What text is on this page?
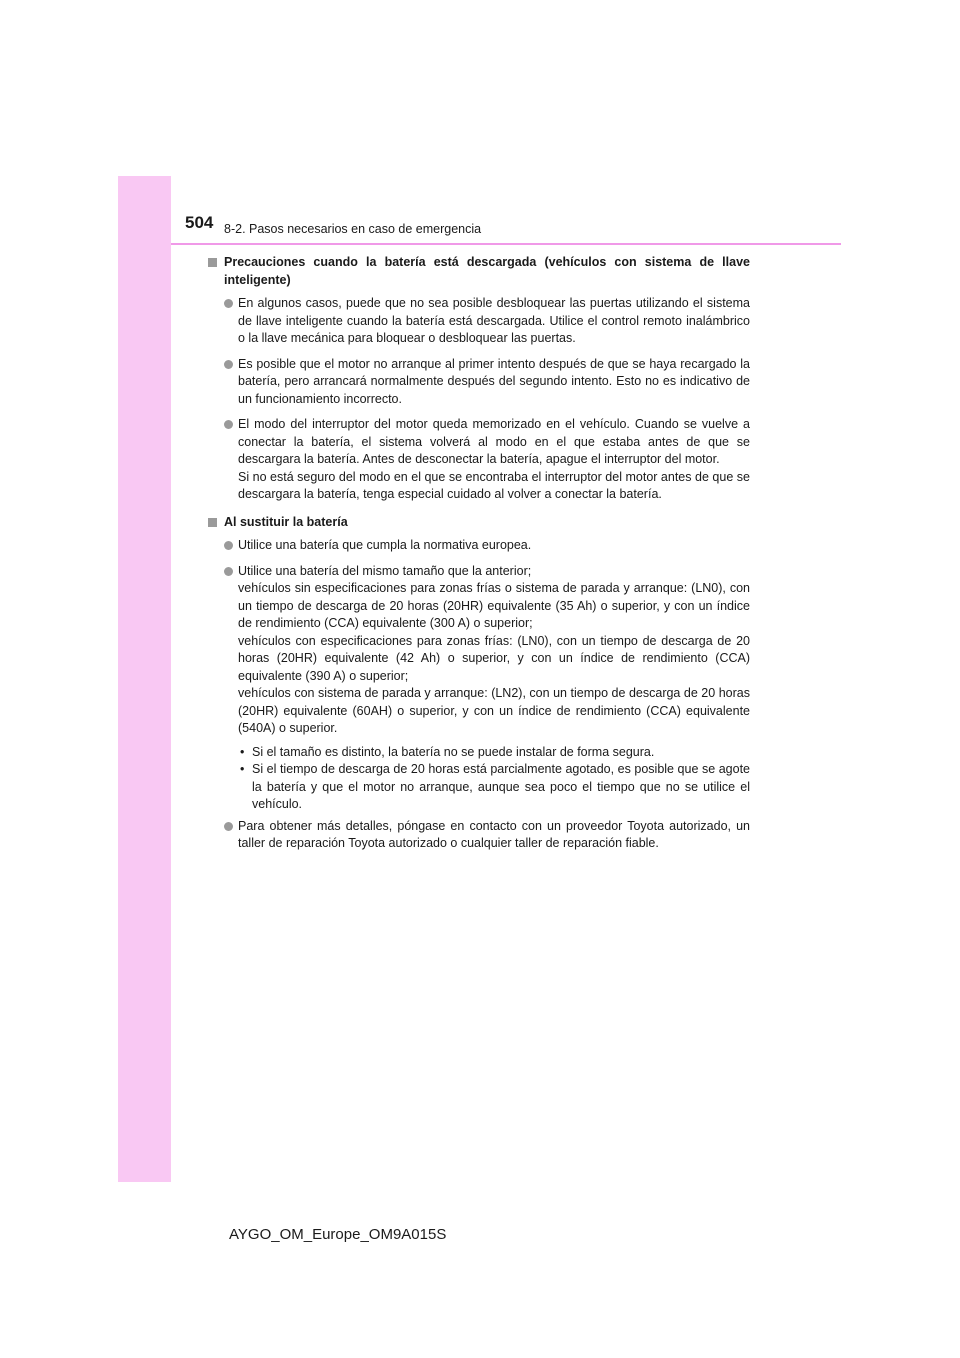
504 8-2. Pasos necesarios en caso de emergencia
Precauciones cuando la batería está descargada (vehículos con sistema de llave inteligente)
En algunos casos, puede que no sea posible desbloquear las puertas utilizando el sistema de llave inteligente cuando la batería está descargada. Utilice el control remoto inalámbrico o la llave mecánica para bloquear o desbloquear las puertas.
Es posible que el motor no arranque al primer intento después de que se haya recargado la batería, pero arrancará normalmente después del segundo intento. Esto no es indicativo de un funcionamiento incorrecto.
El modo del interruptor del motor queda memorizado en el vehículo. Cuando se vuelve a conectar la batería, el sistema volverá al modo en el que estaba antes de que se descargara la batería. Antes de desconectar la batería, apague el interruptor del motor.
Si no está seguro del modo en el que se encontraba el interruptor del motor antes de que se descargara la batería, tenga especial cuidado al volver a conectar la batería.
Al sustituir la batería
Utilice una batería que cumpla la normativa europea.
Utilice una batería del mismo tamaño que la anterior;
vehículos sin especificaciones para zonas frías o sistema de parada y arranque: (LN0), con un tiempo de descarga de 20 horas (20HR) equivalente (35 Ah) o superior, y con un índice de rendimiento (CCA) equivalente (300 A) o superior;
vehículos con especificaciones para zonas frías: (LN0), con un tiempo de descarga de 20 horas (20HR) equivalente (42 Ah) o superior, y con un índice de rendimiento (CCA) equivalente (390 A) o superior;
vehículos con sistema de parada y arranque: (LN2), con un tiempo de descarga de 20 horas (20HR) equivalente (60AH) o superior, y con un índice de rendimiento (CCA) equivalente (540A) o superior.
• Si el tamaño es distinto, la batería no se puede instalar de forma segura.
• Si el tiempo de descarga de 20 horas está parcialmente agotado, es posible que se agote la batería y que el motor no arranque, aunque sea poco el tiempo que no se utilice el vehículo.
Para obtener más detalles, póngase en contacto con un proveedor Toyota autorizado, un taller de reparación Toyota autorizado o cualquier taller de reparación fiable.
AYGO_OM_Europe_OM9A015S
